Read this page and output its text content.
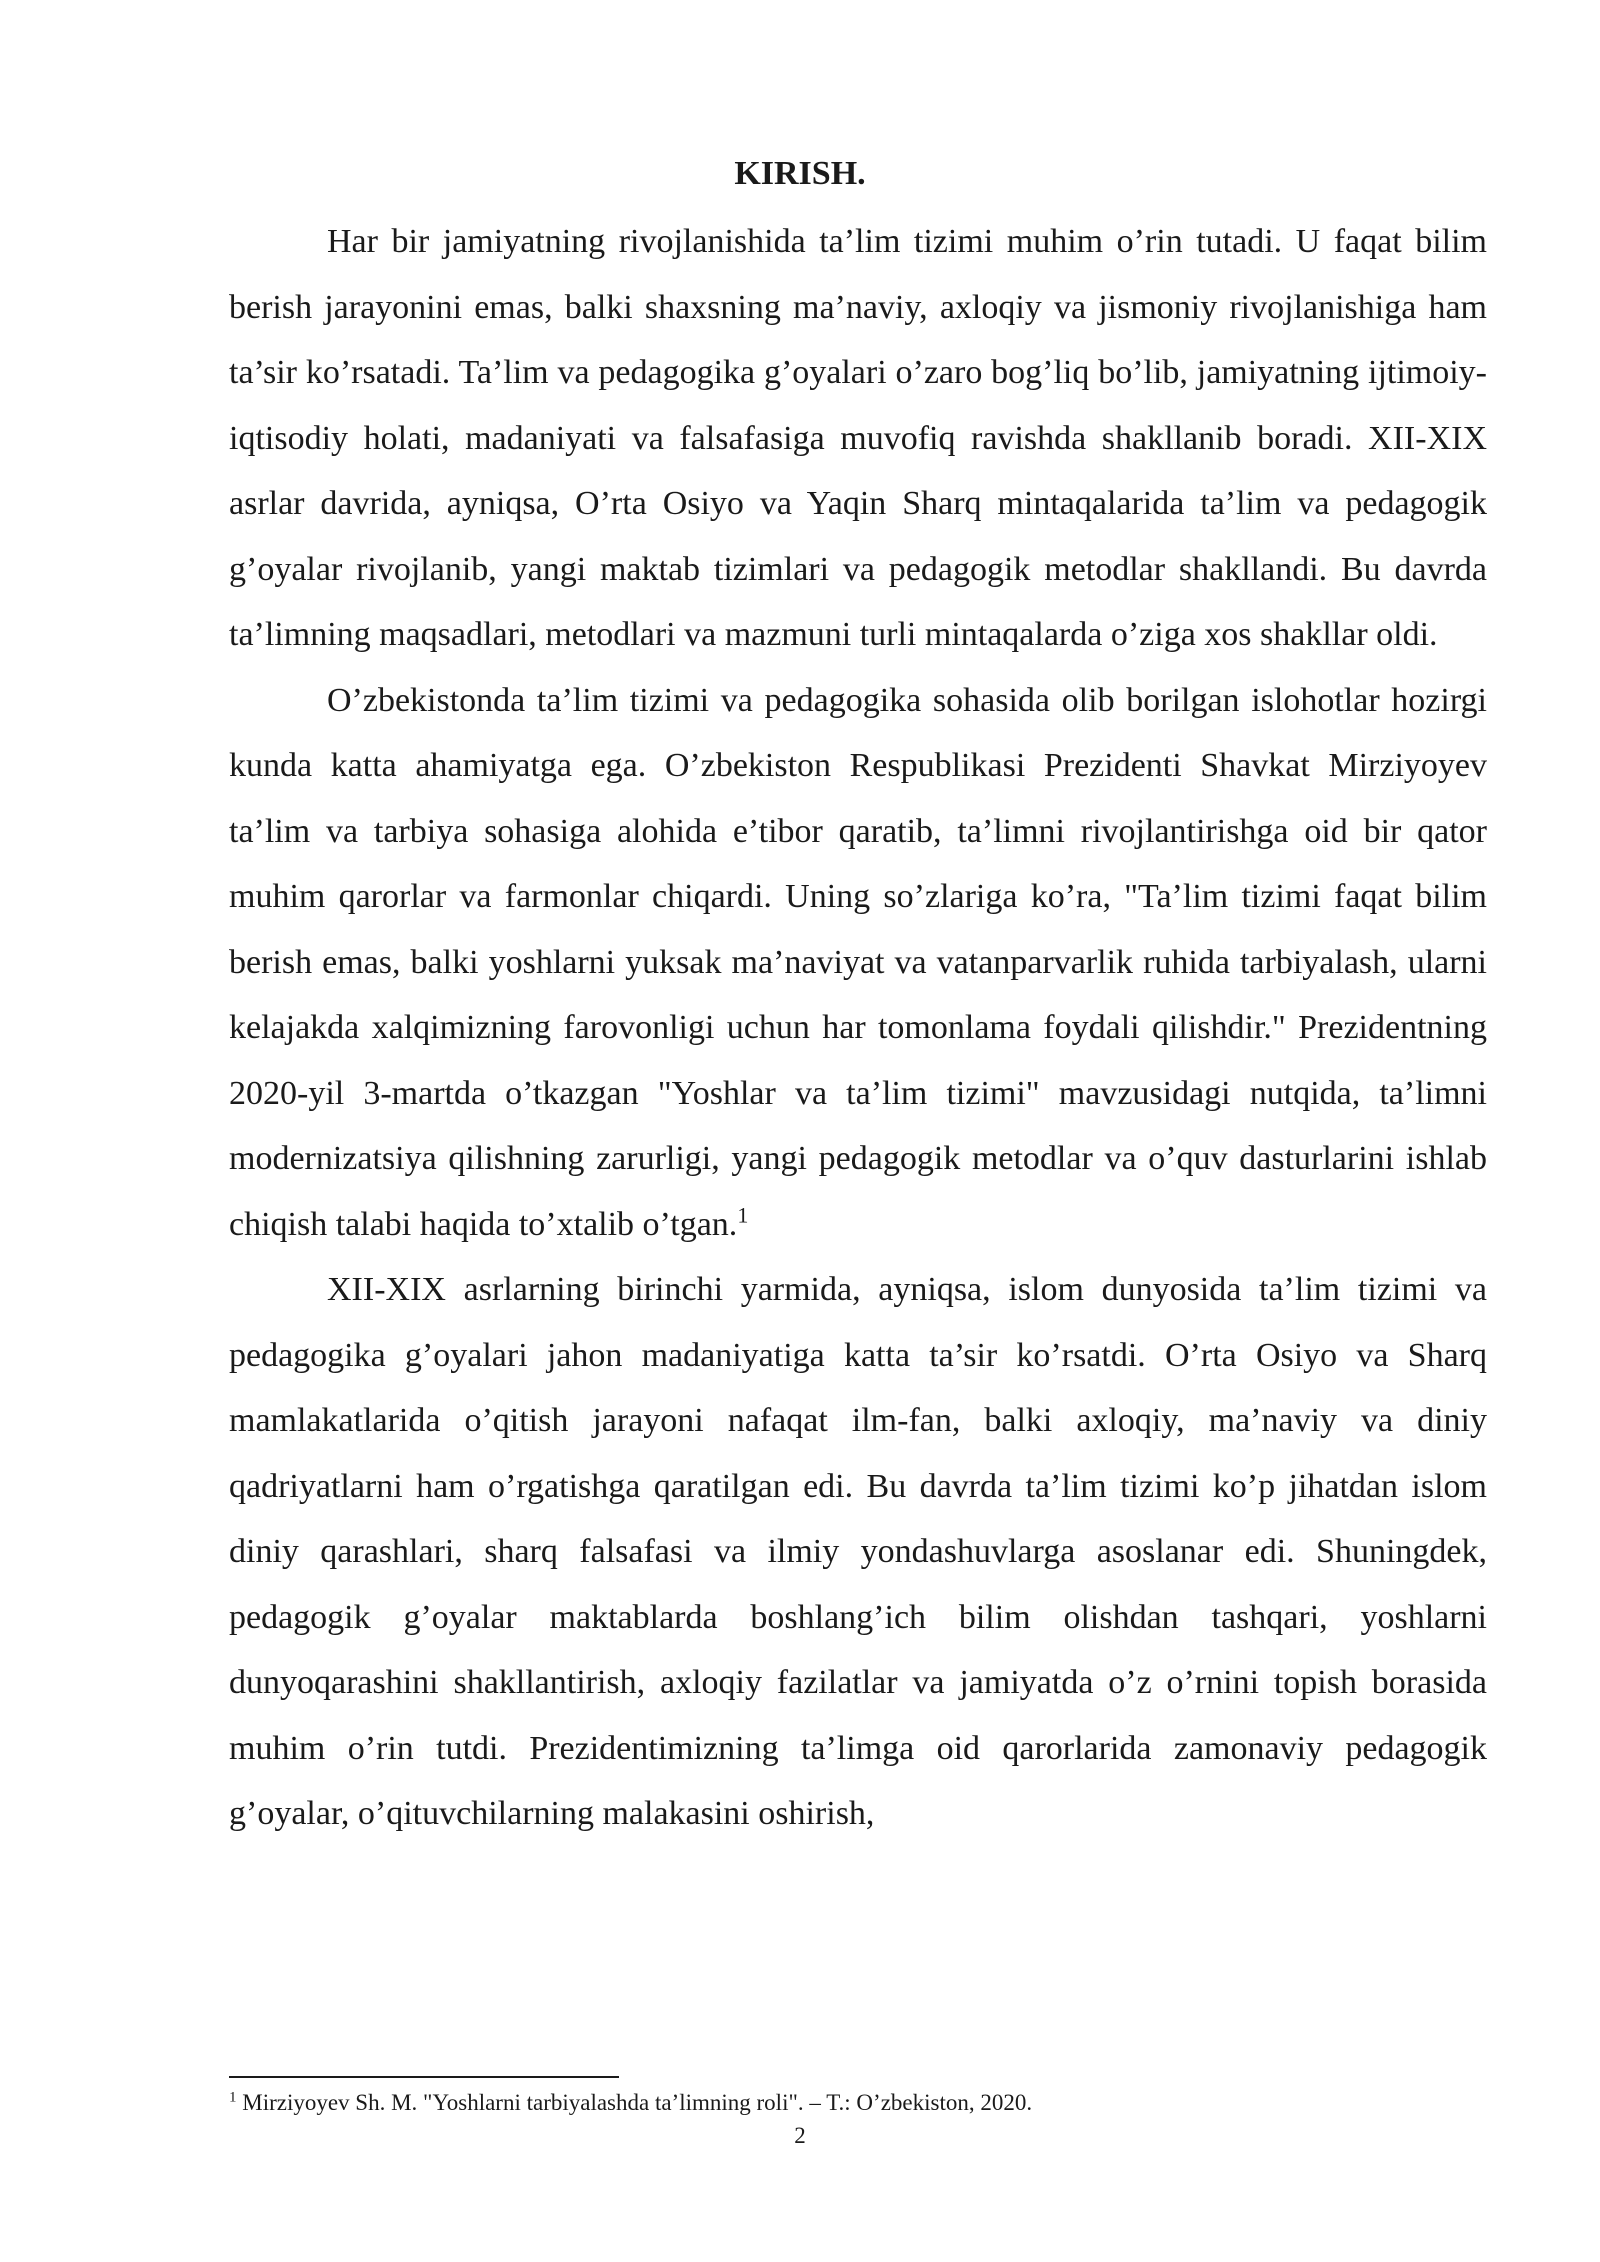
KIRISH.

Har bir jamiyatning rivojlanishida ta’lim tizimi muhim o’rin tutadi. U faqat bilim berish jarayonini emas, balki shaxsning ma’naviy, axloqiy va jismoniy rivojlanishiga ham ta’sir ko’rsatadi. Ta’lim va pedagogika g’oyalari o’zaro bog’liq bo’lib, jamiyatning ijtimoiy-iqtisodiy holati, madaniyati va falsafasiga muvofiq ravishda shakllanib boradi. XII-XIX asrlar davrida, ayniqsa, O’rta Osiyo va Yaqin Sharq mintaqalarida ta’lim va pedagogik g’oyalar rivojlanib, yangi maktab tizimlari va pedagogik metodlar shakllandi. Bu davrda ta’limning maqsadlari, metodlari va mazmuni turli mintaqalarda o’ziga xos shakllar oldi.

O’zbekistonda ta’lim tizimi va pedagogika sohasida olib borilgan islohotlar hozirgi kunda katta ahamiyatga ega. O’zbekiston Respublikasi Prezidenti Shavkat Mirziyoyev ta’lim va tarbiya sohasiga alohida e’tibor qaratib, ta’limni rivojlantirishga oid bir qator muhim qarorlar va farmonlar chiqardi. Uning so’zlariga ko’ra, "Ta’lim tizimi faqat bilim berish emas, balki yoshlarni yuksak ma’naviyat va vatanparvarlik ruhida tarbiyalash, ularni kelajakda xalqimizning farovonligi uchun har tomonlama foydali qilishdir." Prezidentning 2020-yil 3-martda o’tkazgan "Yoshlar va ta’lim tizimi" mavzusidagi nutqida, ta’limni modernizatsiya qilishning zarurligi, yangi pedagogik metodlar va o’quv dasturlarini ishlab chiqish talabi haqida to’xtalib o’tgan.$^1$

XII-XIX asrlarning birinchi yarmida, ayniqsa, islom dunyosida ta’lim tizimi va pedagogika g’oyalari jahon madaniyatiga katta ta’sir ko’rsatdi. O’rta Osiyo va Sharq mamlakatlarida o’qitish jarayoni nafaqat ilm-fan, balki axloqiy, ma’naviy va diniy qadriyatlarni ham o’rgatishga qaratilgan edi. Bu davrda ta’lim tizimi ko’p jihatdan islom diniy qarashlari, sharq falsafasi va ilmiy yondashuvlarga asoslanar edi. Shuningdek, pedagogik g’oyalar maktablarda boshlang’ich bilim olishdan tashqari, yoshlarni dunyoqarashini shakllantirish, axloqiy fazilatlar va jamiyatda o’z o’rnini topish borasida muhim o’rin tutdi. Prezidentimizning ta’limga oid qarorlarida zamonaviy pedagogik g’oyalar, o’qituvchilarning malakasini oshirish,

$^1$ Mirziyoyev Sh. M. "Yoshlarni tarbiyalashda ta’limning roli". – T.: O’zbekiston, 2020.
2
